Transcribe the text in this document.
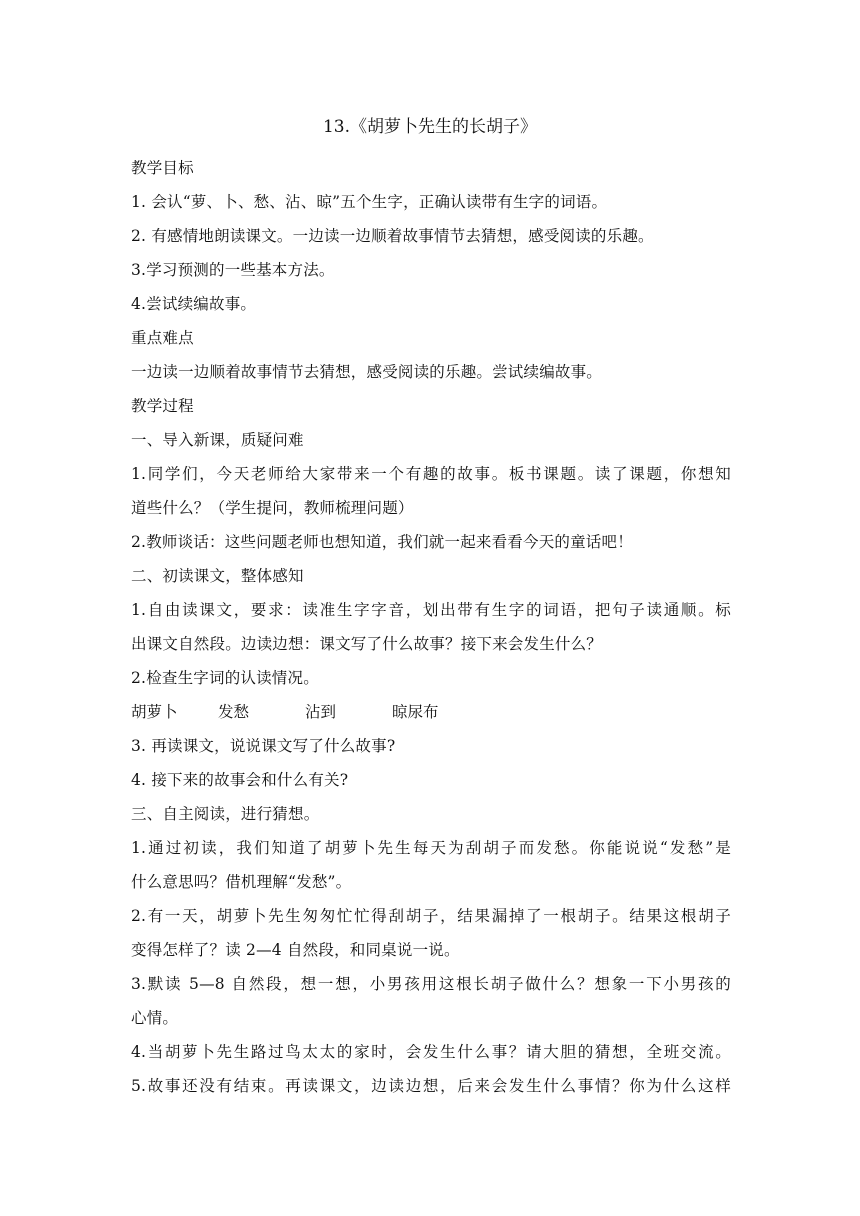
13.《胡萝卜先生的长胡子》
教学目标
1. 会认“萝、卜、愁、沾、晾”五个生字，正确认读带有生字的词语。
2. 有感情地朗读课文。一边读一边顺着故事情节去猜想，感受阅读的乐趣。
3.学习预测的一些基本方法。
4.尝试续编故事。
重点难点
一边读一边顺着故事情节去猜想，感受阅读的乐趣。尝试续编故事。
教学过程
一、导入新课，质疑问难
1.同学们，今天老师给大家带来一个有趣的故事。板书课题。读了课题，你想知
道些什么？（学生提问，教师梳理问题）
2.教师谈话：这些问题老师也想知道，我们就一起来看看今天的童话吧！
二、初读课文，整体感知
1.自由读课文，要求：读准生字字音，划出带有生字的词语，把句子读通顺。标
出课文自然段。边读边想：课文写了什么故事？接下来会发生什么？
2.检查生字词的认读情况。
胡萝卜	发愁	沾到	晾尿布
3. 再读课文，说说课文写了什么故事?
4. 接下来的故事会和什么有关?
三、自主阅读，进行猜想。
1.通过初读，我们知道了胡萝卜先生每天为刮胡子而发愁。你能说说“发愁”是
什么意思吗？借机理解“发愁”。
2.有一天，胡萝卜先生匆匆忙忙得刮胡子，结果漏掉了一根胡子。结果这根胡子
变得怎样了？读 2—4 自然段，和同桌说一说。
3.默读 5—8 自然段，想一想，小男孩用这根长胡子做什么？想象一下小男孩的
心情。
4.当胡萝卜先生路过鸟太太的家时，会发生什么事？请大胆的猜想，全班交流。
5.故事还没有结束。再读课文，边读边想，后来会发生什么事情？你为什么这样
